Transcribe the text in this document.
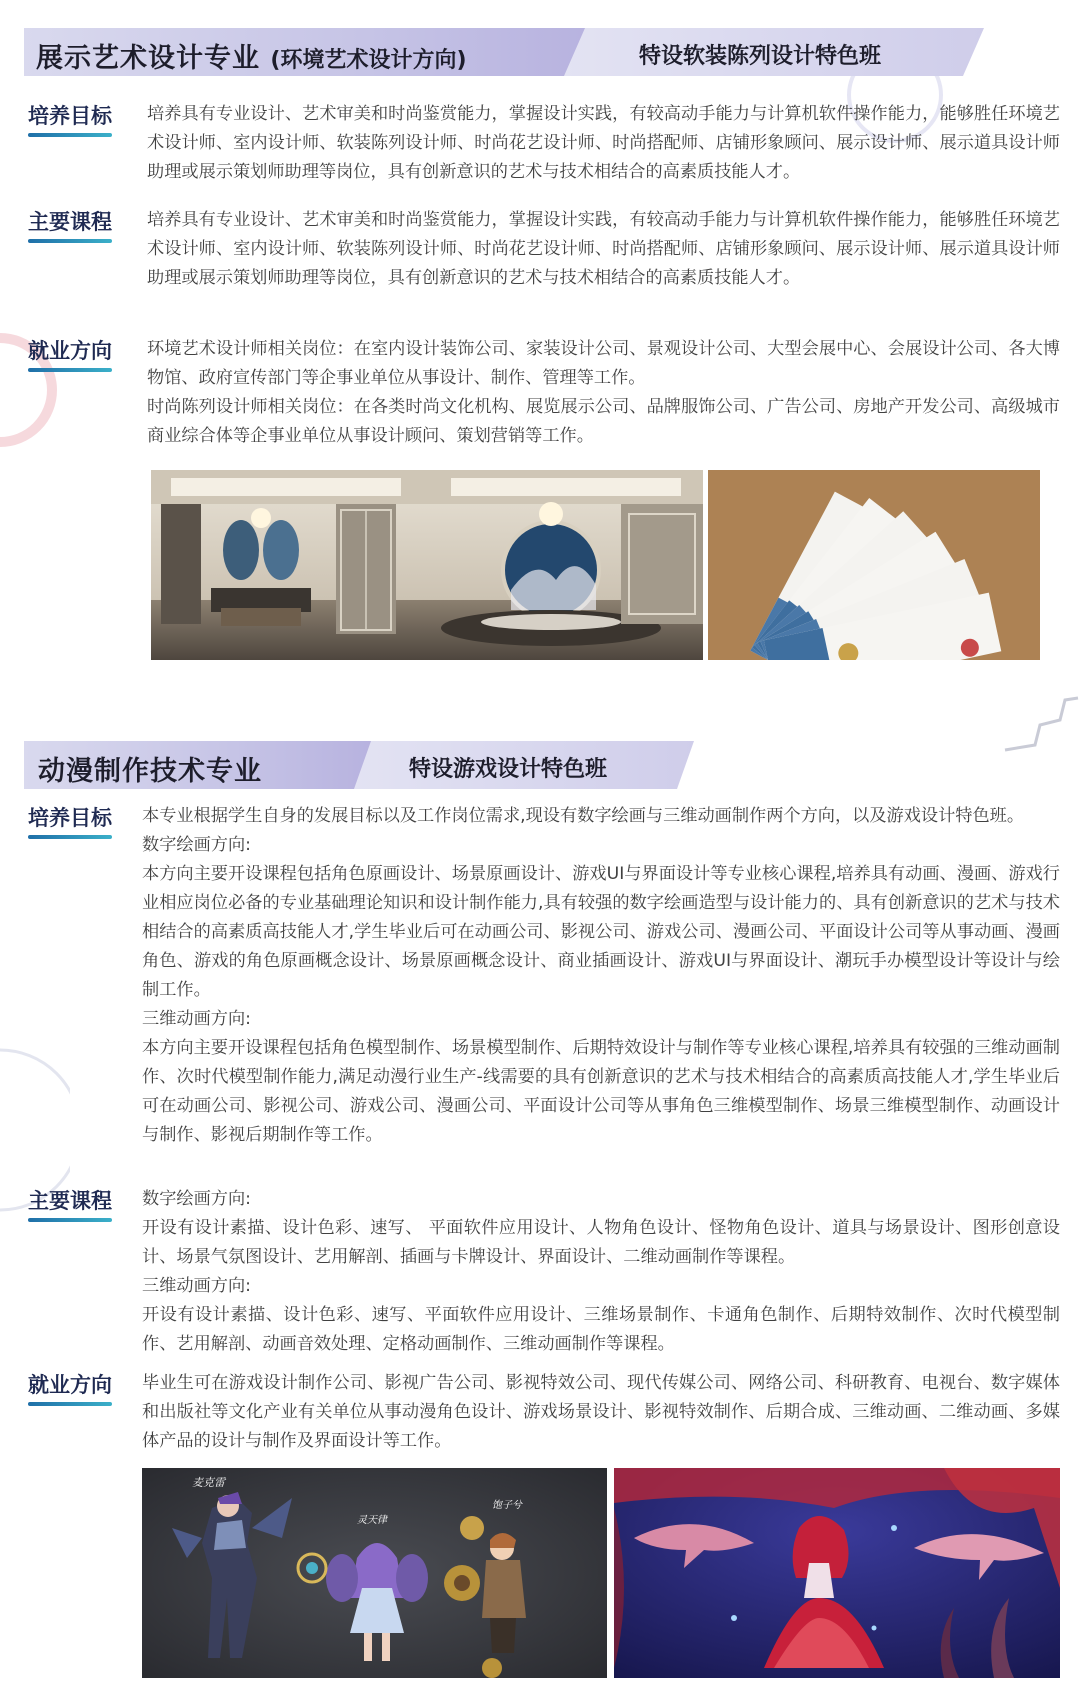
展示艺术设计专业 (环境艺术设计方向)	特设软装陈列设计特色班
培养目标 培养具有专业设计、艺术审美和时尚鉴赏能力，掌握设计实践，有较高动手能力与计算机软件操作能力，能够胜任环境艺术设计师、室内设计师、软装陈列设计师、时尚花艺设计师、时尚搭配师、店铺形象顾问、展示设计师、展示道具设计师助理或展示策划师助理等岗位，具有创新意识的艺术与技术相结合的高素质技能人才。
主要课程 培养具有专业设计、艺术审美和时尚鉴赏能力，掌握设计实践，有较高动手能力与计算机软件操作能力，能够胜任环境艺术设计师、室内设计师、软装陈列设计师、时尚花艺设计师、时尚搭配师、店铺形象顾问、展示设计师、展示道具设计师助理或展示策划师助理等岗位，具有创新意识的艺术与技术相结合的高素质技能人才。
就业方向 环境艺术设计师相关岗位：在室内设计装饰公司、家装设计公司、景观设计公司、大型会展中心、会展设计公司、各大博物馆、政府宣传部门等企事业单位从事设计、制作、管理等工作。

时尚陈列设计师相关岗位：在各类时尚文化机构、展览展示公司、品牌服饰公司、广告公司、房地产开发公司、高级城市商业综合体等企事业单位从事设计顾问、策划营销等工作。

动漫制作技术专业	特设游戏设计特色班
培养目标 本专业根据学生自身的发展目标以及工作岗位需求,现设有数字绘画与三维动画制作两个方向，以及游戏设计特色班。

数字绘画方向:

本方向主要开设课程包括角色原画设计、场景原画设计、游戏UI与界面设计等专业核心课程,培养具有动画、漫画、游戏行业相应岗位必备的专业基础理论知识和设计制作能力,具有较强的数字绘画造型与设计能力的、具有创新意识的艺术与技术相结合的高素质高技能人才,学生毕业后可在动画公司、影视公司、游戏公司、漫画公司、平面设计公司等从事动画、漫画角色、游戏的角色原画概念设计、场景原画概念设计、商业插画设计、游戏UI与界面设计、潮玩手办模型设计等设计与绘制工作。

三维动画方向:

本方向主要开设课程包括角色模型制作、场景模型制作、后期特效设计与制作等专业核心课程,培养具有较强的三维动画制作、次时代模型制作能力,满足动漫行业生产-线需要的具有创新意识的艺术与技术相结合的高素质高技能人才,学生毕业后可在动画公司、影视公司、游戏公司、漫画公司、平面设计公司等从事角色三维模型制作、场景三维模型制作、动画设计与制作、影视后期制作等工作。

主要课程 数字绘画方向:

开设有设计素描、设计色彩、速写、 平面软件应用设计、人物角色设计、怪物角色设计、道具与场景设计、图形创意设计、场景气氛图设计、艺用解剖、插画与卡牌设计、界面设计、二维动画制作等课程。

三维动画方向:

开设有设计素描、设计色彩、速写、平面软件应用设计、三维场景制作、卡通角色制作、后期特效制作、次时代模型制作、艺用解剖、动画音效处理、定格动画制作、三维动画制作等课程。

就业方向 毕业生可在游戏设计制作公司、影视广告公司、影视特效公司、现代传媒公司、网络公司、科研教育、电视台、数字媒体和出版社等文化产业有关单位从事动漫角色设计、游戏场景设计、影视特效制作、后期合成、三维动画、二维动画、多媒体产品的设计与制作及界面设计等工作。
麦克雷
灵天律
饱子兮
